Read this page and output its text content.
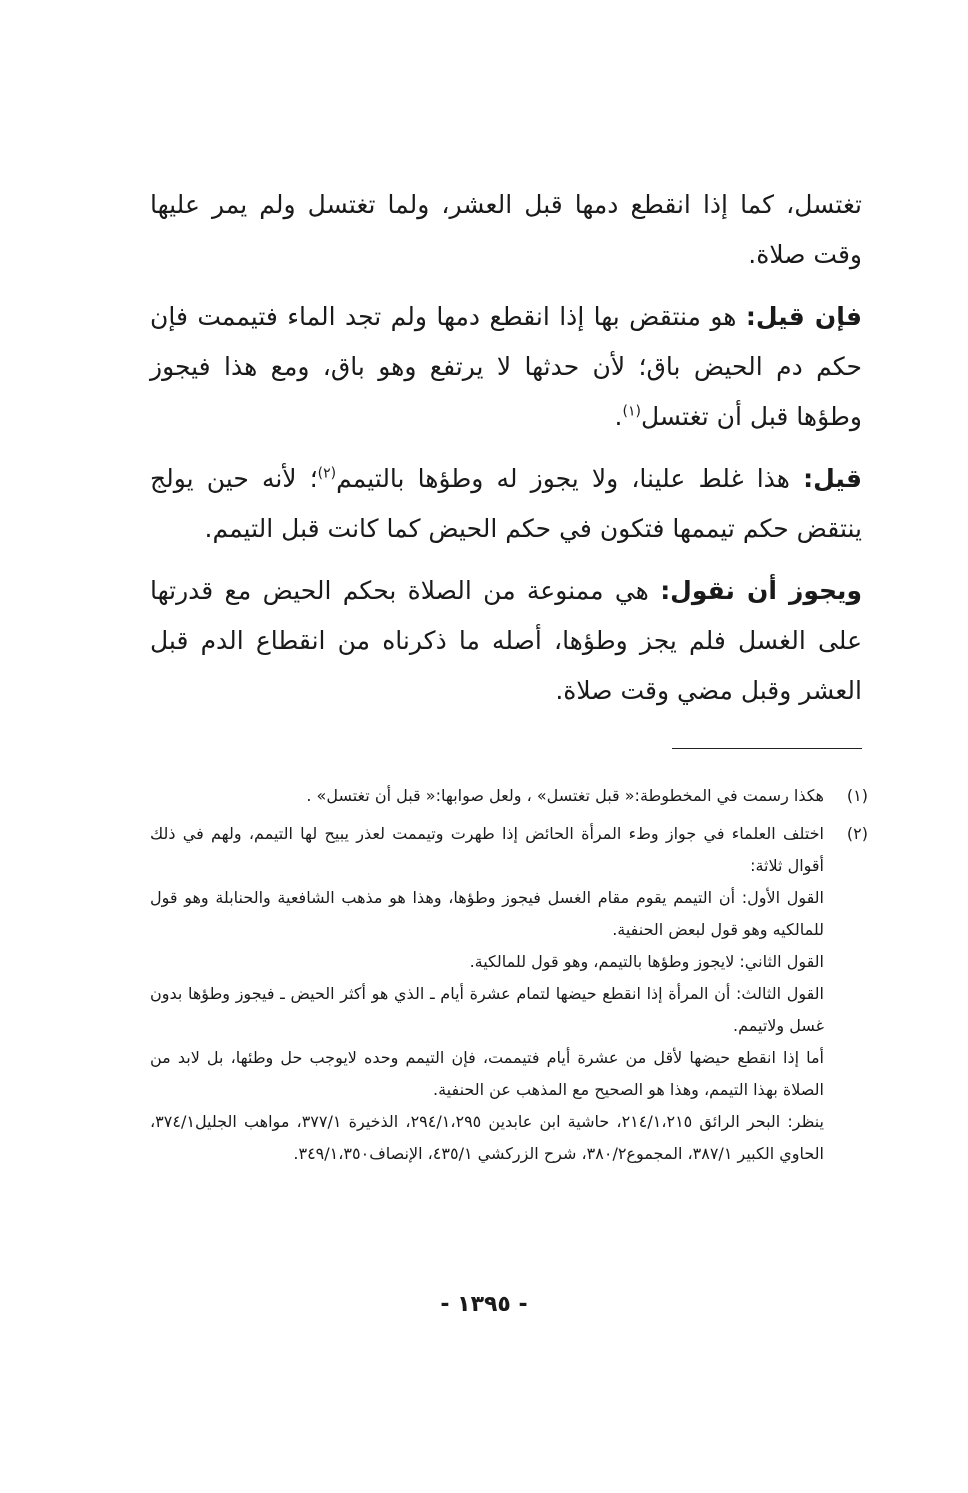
تغتسل، كما إذا انقطع دمها قبل العشر، ولما تغتسل ولم يمر عليها وقت صلاة.

فإن قيل: هو منتقض بها إذا انقطع دمها ولم تجد الماء فتيممت فإن حكم دم الحيض باق؛ لأن حدثها لا يرتفع وهو باق، ومع هذا فيجوز وطؤها قبل أن تغتسل$^{(١)}$.

قيل: هذا غلط علينا، ولا يجوز له وطؤها بالتيمم$^{(٢)}$؛ لأنه حين يولج ينتقض حكم تيممها فتكون في حكم الحيض كما كانت قبل التيمم.

ويجوز أن نقول: هي ممنوعة من الصلاة بحكم الحيض مع قدرتها على الغسل فلم يجز وطؤها، أصله ما ذكرناه من انقطاع الدم قبل العشر وقبل مضي وقت صلاة.

(١)
هكذا رسمت في المخطوطة:« قبل تغتسل» ، ولعل صوابها:« قبل أن تغتسل» .
(٢)
اختلف العلماء في جواز وطء المرأة الحائض إذا طهرت وتيممت لعذر يبيح لها التيمم، ولهم في ذلك أقوال ثلاثة:
القول الأول: أن التيمم يقوم مقام الغسل فيجوز وطؤها، وهذا هو مذهب الشافعية والحنابلة وهو قول للمالكيه وهو قول لبعض الحنفية.
القول الثاني: لايجوز وطؤها بالتيمم، وهو قول للمالكية.
القول الثالث: أن المرأة إذا انقطع حيضها لتمام عشرة أيام ـ الذي هو أكثر الحيض ـ فيجوز وطؤها بدون غسل ولاتيمم.
أما إذا انقطع حيضها لأقل من عشرة أيام فتيممت، فإن التيمم وحده لايوجب حل وطئها، بل لابد من الصلاة بهذا التيمم، وهذا هو الصحيح مع المذهب عن الحنفية.
ينظر: البحر الرائق ٢١٤/١،٢١٥، حاشية ابن عابدين ٢٩٤/١،٢٩٥، الذخيرة ٣٧٧/١، مواهب الجليل٣٧٤/١، الحاوي الكبير ٣٨٧/١، المجموع٣٨٠/٢، شرح الزركشي ٤٣٥/١، الإنصاف٣٤٩/١،٣٥٠.
- ١٣٩٥ -
